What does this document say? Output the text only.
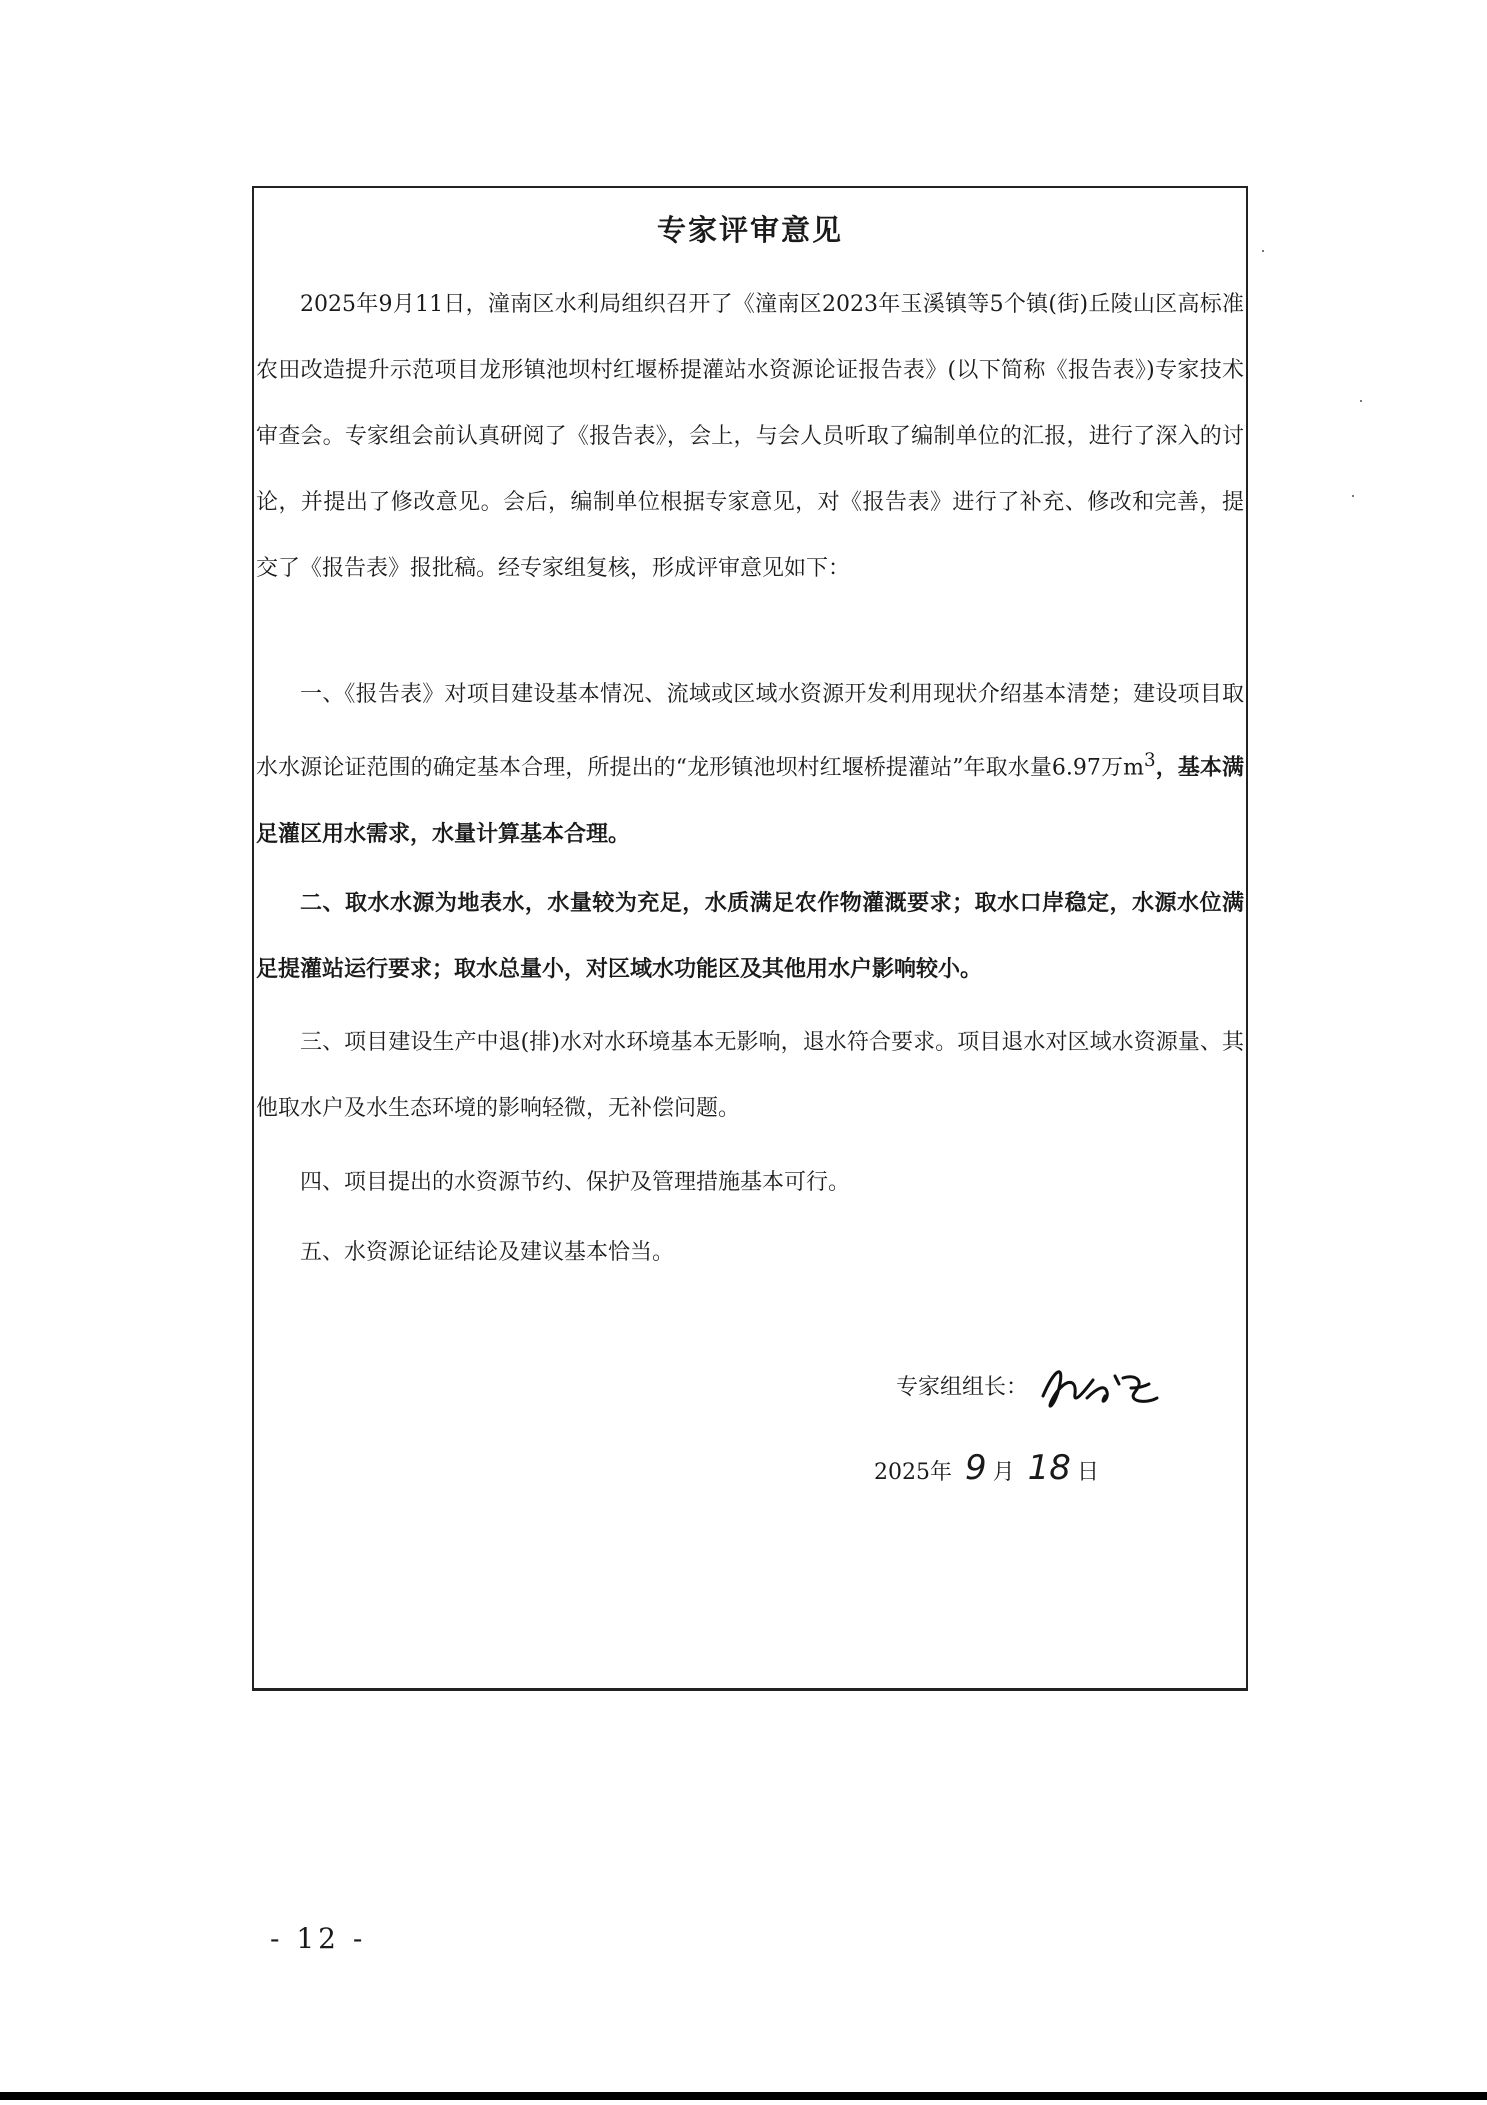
专家评审意见
2025年9月11日，潼南区水利局组织召开了《潼南区2023年玉溪镇等5个镇(街)丘陵山区高标准农田改造提升示范项目龙形镇池坝村红堰桥提灌站水资源论证报告表》(以下简称《报告表》)专家技术审查会。专家组会前认真研阅了《报告表》，会上，与会人员听取了编制单位的汇报，进行了深入的讨论，并提出了修改意见。会后，编制单位根据专家意见，对《报告表》进行了补充、修改和完善，提交了《报告表》报批稿。经专家组复核，形成评审意见如下：
一、《报告表》对项目建设基本情况、流域或区域水资源开发利用现状介绍基本清楚；建设项目取水水源论证范围的确定基本合理，所提出的“龙形镇池坝村红堰桥提灌站”年取水量6.97万$m^3$，基本满足灌区用水需求，水量计算基本合理。
二、取水水源为地表水，水量较为充足，水质满足农作物灌溉要求；取水口岸稳定，水源水位满足提灌站运行要求；取水总量小，对区域水功能区及其他用水户影响较小。
三、项目建设生产中退(排)水对水环境基本无影响，退水符合要求。项目退水对区域水资源量、其他取水户及水生态环境的影响轻微，无补偿问题。
四、项目提出的水资源节约、保护及管理措施基本可行。
五、水资源论证结论及建议基本恰当。
专家组组长：
2025年 9 月 18 日
- 12 -
